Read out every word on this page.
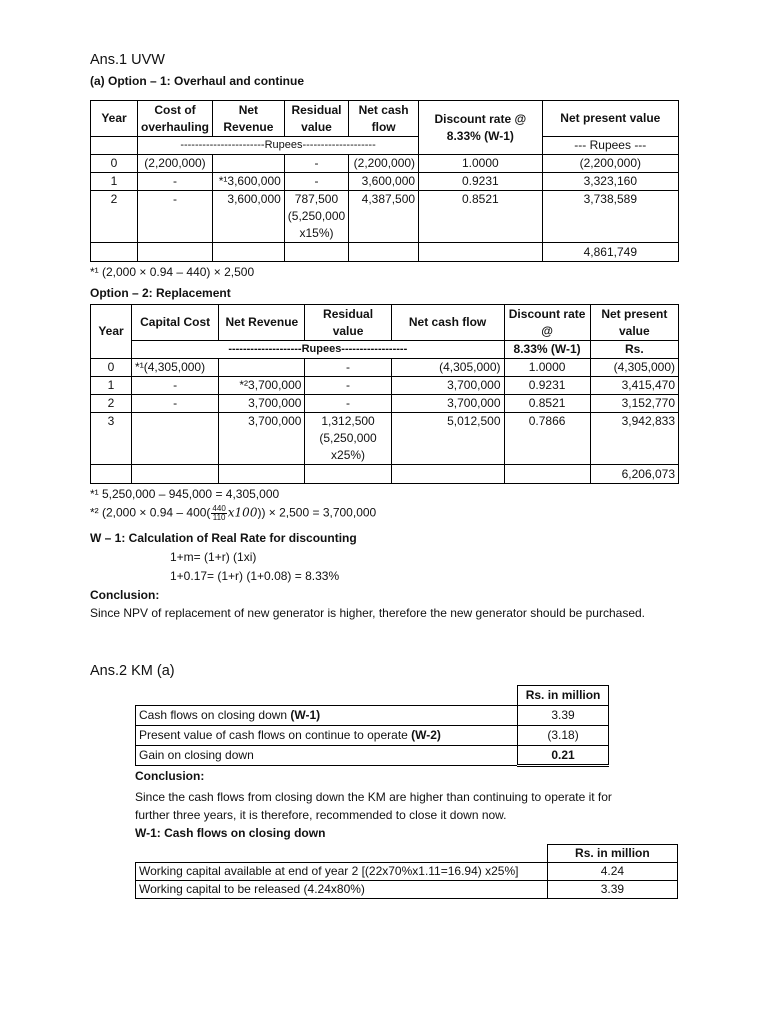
Ans.1 UVW
(a) Option – 1: Overhaul and continue
Year	Cost of overhauling	Net Revenue	Residual value	Net cash flow	Discount rate @ 8.33% (W-1)	Net present value
	-----------------------Rupees--------------------					--- Rupees ---
0	(2,200,000)		-	(2,200,000)	1.0000	(2,200,000)
1	-	*¹3,600,000	-	3,600,000	0.9231	3,323,160
2	-	3,600,000	787,500 (5,250,000 x15%)	4,387,500	0.8521	3,738,589
						4,861,749
*¹ (2,000 × 0.94 – 440) × 2,500
Option – 2: Replacement
Year	Capital Cost	Net Revenue	Residual value	Net cash flow	Discount rate @	Net present value
	--------------------Rupees------------------				8.33% (W-1)	Rs.
0	*¹(4,305,000)		-	(4,305,000)	1.0000	(4,305,000)
1	-	*²3,700,000	-	3,700,000	0.9231	3,415,470
2	-	3,700,000	-	3,700,000	0.8521	3,152,770
3		3,700,000	1,312,500 (5,250,000 x25%)	5,012,500	0.7866	3,942,833
						6,206,073
*¹ 5,250,000 – 945,000 = 4,305,000
*² $(2,000 \times 0.94 - 400( \frac{440}{110} x100)) \times 2,500 = 3,700,000$
W – 1: Calculation of Real Rate for discounting
1+m= (1+r) (1xi)
1+0.17= (1+r) (1+0.08) = 8.33%
Conclusion:
Since NPV of replacement of new generator is higher, therefore the new generator should be purchased.
Ans.2 KM (a)
	Rs. in million
Cash flows on closing down (W-1)	3.39
Present value of cash flows on continue to operate (W-2)	(3.18)
Gain on closing down	0.21
Conclusion:
Since the cash flows from closing down the KM are higher than continuing to operate it for
further three years, it is therefore, recommended to close it down now.
W-1: Cash flows on closing down
	Rs. in million
Working capital available at end of year 2 [(22x70%x1.11=16.94) x25%]	4.24
Working capital to be released (4.24x80%)	3.39
